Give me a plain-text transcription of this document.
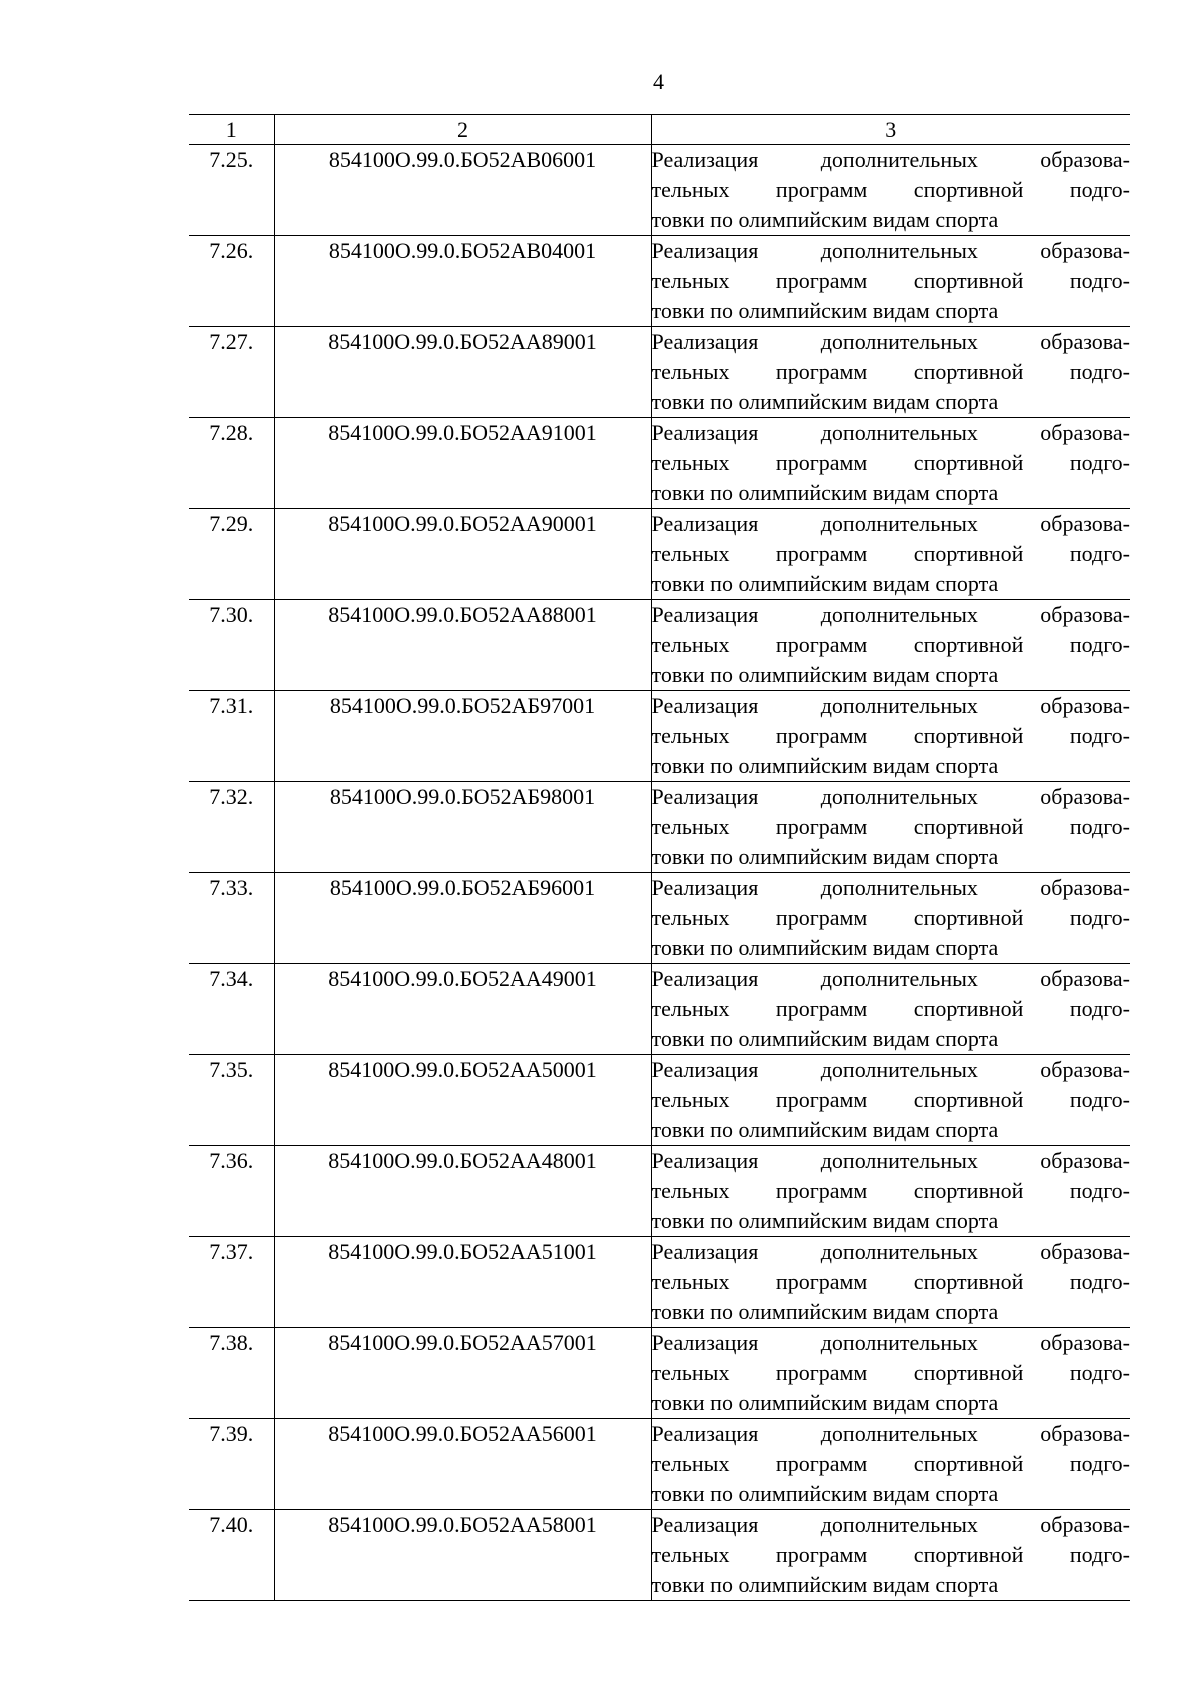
4
1	2	3
7.25.	854100О.99.0.БО52АВ06001	Реализация дополнительных образова-
тельных программ спортивной подго-
товки по олимпийским видам спорта

7.26.	854100О.99.0.БО52АВ04001	Реализация дополнительных образова-
тельных программ спортивной подго-
товки по олимпийским видам спорта

7.27.	854100О.99.0.БО52АА89001	Реализация дополнительных образова-
тельных программ спортивной подго-
товки по олимпийским видам спорта

7.28.	854100О.99.0.БО52АА91001	Реализация дополнительных образова-
тельных программ спортивной подго-
товки по олимпийским видам спорта

7.29.	854100О.99.0.БО52АА90001	Реализация дополнительных образова-
тельных программ спортивной подго-
товки по олимпийским видам спорта

7.30.	854100О.99.0.БО52АА88001	Реализация дополнительных образова-
тельных программ спортивной подго-
товки по олимпийским видам спорта

7.31.	854100О.99.0.БО52АБ97001	Реализация дополнительных образова-
тельных программ спортивной подго-
товки по олимпийским видам спорта

7.32.	854100О.99.0.БО52АБ98001	Реализация дополнительных образова-
тельных программ спортивной подго-
товки по олимпийским видам спорта

7.33.	854100О.99.0.БО52АБ96001	Реализация дополнительных образова-
тельных программ спортивной подго-
товки по олимпийским видам спорта

7.34.	854100О.99.0.БО52АА49001	Реализация дополнительных образова-
тельных программ спортивной подго-
товки по олимпийским видам спорта

7.35.	854100О.99.0.БО52АА50001	Реализация дополнительных образова-
тельных программ спортивной подго-
товки по олимпийским видам спорта

7.36.	854100О.99.0.БО52АА48001	Реализация дополнительных образова-
тельных программ спортивной подго-
товки по олимпийским видам спорта

7.37.	854100О.99.0.БО52АА51001	Реализация дополнительных образова-
тельных программ спортивной подго-
товки по олимпийским видам спорта

7.38.	854100О.99.0.БО52АА57001	Реализация дополнительных образова-
тельных программ спортивной подго-
товки по олимпийским видам спорта

7.39.	854100О.99.0.БО52АА56001	Реализация дополнительных образова-
тельных программ спортивной подго-
товки по олимпийским видам спорта

7.40.	854100О.99.0.БО52АА58001	Реализация дополнительных образова-
тельных программ спортивной подго-
товки по олимпийским видам спорта
